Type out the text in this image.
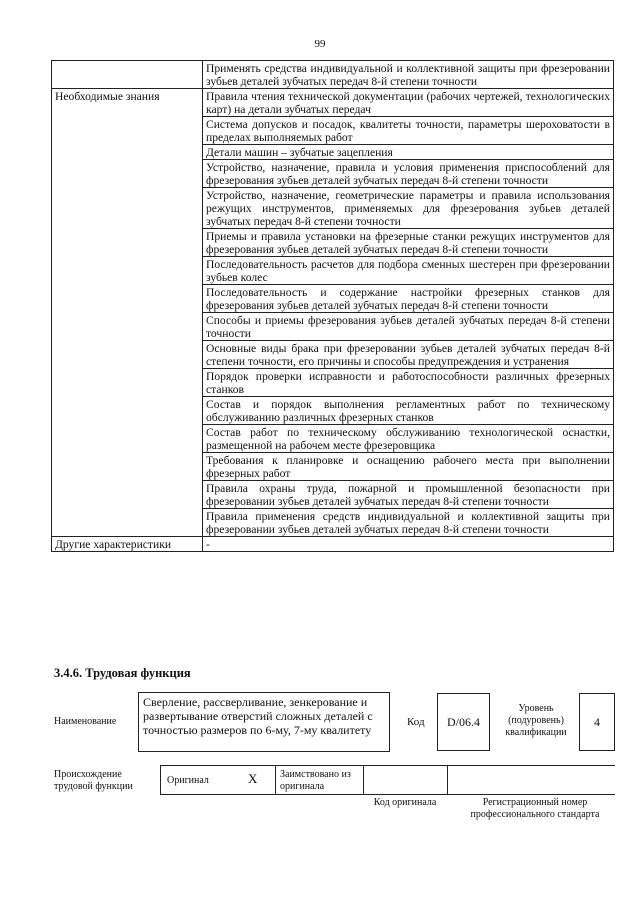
99
	Применять средства индивидуальной и коллективной защиты при фрезеровании зубьев деталей зубчатых передач 8-й степени точности
Необходимые знания	Правила чтения технической документации (рабочих чертежей, технологических карт) на детали зубчатых передач
	Система допусков и посадок, квалитеты точности, параметры шероховатости в пределах выполняемых работ
	Детали машин – зубчатые зацепления
	Устройство, назначение, правила и условия применения приспособлений для фрезерования зубьев деталей зубчатых передач 8-й степени точности
	Устройство, назначение, геометрические параметры и правила использования режущих инструментов, применяемых для фрезерования зубьев деталей зубчатых передач 8-й степени точности
	Приемы и правила установки на фрезерные станки режущих инструментов для фрезерования зубьев деталей зубчатых передач 8-й степени точности
	Последовательность расчетов для подбора сменных шестерен при фрезеровании зубьев колес
	Последовательность и содержание настройки фрезерных станков для фрезерования зубьев деталей зубчатых передач 8-й степени точности
	Способы и приемы фрезерования зубьев деталей зубчатых передач 8-й степени точности
	Основные виды брака при фрезеровании зубьев деталей зубчатых передач 8-й степени точности, его причины и способы предупреждения и устранения
	Порядок проверки исправности и работоспособности различных фрезерных станков
	Состав и порядок выполнения регламентных работ по техническому обслуживанию различных фрезерных станков
	Состав работ по техническому обслуживанию технологической оснастки, размещенной на рабочем месте фрезеровщика
	Требования к планировке и оснащению рабочего места при выполнении фрезерных работ
	Правила охраны труда, пожарной и промышленной безопасности при фрезеровании зубьев деталей зубчатых передач 8-й степени точности
	Правила применения средств индивидуальной и коллективной защиты при фрезеровании зубьев деталей зубчатых передач 8-й степени точности
Другие характеристики	-
3.4.6. Трудовая функция
Наименование
Сверление, рассверливание, зенкерование и развертывание отверстий сложных деталей с точностью размеров по 6-му, 7-му квалитету
Код	D/06.4
Уровень (подуровень) квалификации
4
Происхождение трудовой функции
Оригинал	X Заимствовано из оригинала
Код оригинала	Регистрационный номер профессионального стандарта
